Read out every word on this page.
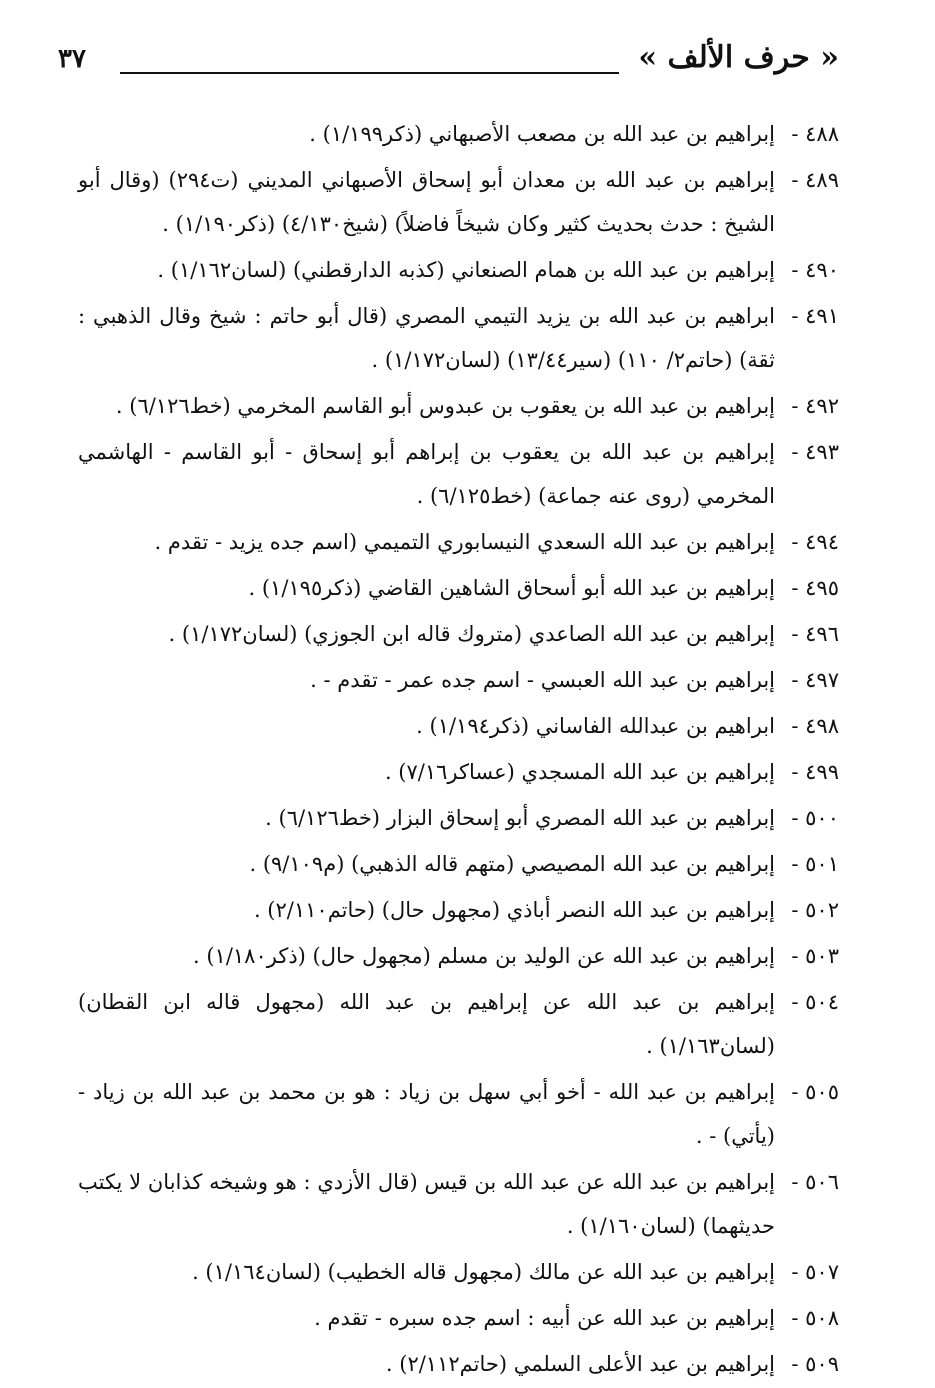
« حرف الألف »
٣٧
٤٨٨ -
إبراهيم بن عبد الله بن مصعب الأصبهاني (ذكر١/١٩٩) .
٤٨٩ -
إبراهيم بن عبد الله بن معدان أبو إسحاق الأصبهاني المديني (ت٢٩٤) (وقال أبو الشيخ : حدث بحديث كثير وكان شيخاً فاضلاً) (شيخ٤/١٣٠) (ذكر١/١٩٠) .
٤٩٠ -
إبراهيم بن عبد الله بن همام الصنعاني (كذبه الدارقطني) (لسان١/١٦٢) .
٤٩١ -
ابراهيم بن عبد الله بن يزيد التيمي المصري (قال أبو حاتم : شيخ وقال الذهبي : ثقة) (حاتم٢/ ١١٠) (سير١٣/٤٤) (لسان١/١٧٢) .
٤٩٢ -
إبراهيم بن عبد الله بن يعقوب بن عبدوس أبو القاسم المخرمي (خط٦/١٢٦) .
٤٩٣ -
إبراهيم بن عبد الله بن يعقوب بن إبراهم أبو إسحاق - أبو القاسم - الهاشمي المخرمي (روى عنه جماعة) (خط٦/١٢٥) .
٤٩٤ -
إبراهيم بن عبد الله السعدي النيسابوري التميمي (اسم جده يزيد - تقدم .
٤٩٥ -
إبراهيم بن عبد الله أبو أسحاق الشاهين القاضي (ذكر١/١٩٥) .
٤٩٦ -
إبراهيم بن عبد الله الصاعدي (متروك قاله ابن الجوزي) (لسان١/١٧٢) .
٤٩٧ -
إبراهيم بن عبد الله العبسي - اسم جده عمر - تقدم - .
٤٩٨ -
ابراهيم بن عبدالله الفاساني (ذكر١/١٩٤) .
٤٩٩ -
إبراهيم بن عبد الله المسجدي (عساكر٧/١٦) .
٥٠٠ -
إبراهيم بن عبد الله المصري أبو إسحاق البزار (خط٦/١٢٦) .
٥٠١ -
إبراهيم بن عبد الله المصيصي (متهم قاله الذهبي) (م٩/١٠٩) .
٥٠٢ -
إبراهيم بن عبد الله النصر أباذي (مجهول حال) (حاتم٢/١١٠) .
٥٠٣ -
إبراهيم بن عبد الله عن الوليد بن مسلم (مجهول حال) (ذكر١/١٨٠) .
٥٠٤ -
إبراهيم بن عبد الله عن إبراهيم بن عبد الله (مجهول قاله ابن القطان) (لسان١/١٦٣) .
٥٠٥ -
إبراهيم بن عبد الله - أخو أبي سهل بن زياد : هو بن محمد بن عبد الله بن زياد - (يأتي) - .
٥٠٦ -
إبراهيم بن عبد الله عن عبد الله بن قيس (قال الأزدي : هو وشيخه كذابان لا يكتب حديثهما) (لسان١/١٦٠) .
٥٠٧ -
إبراهيم بن عبد الله عن مالك (مجهول قاله الخطيب) (لسان١/١٦٤) .
٥٠٨ -
إبراهيم بن عبد الله عن أبيه : اسم جده سبره - تقدم .
٥٠٩ -
إبراهيم بن عبد الأعلى السلمي (حاتم٢/١١٢) .
